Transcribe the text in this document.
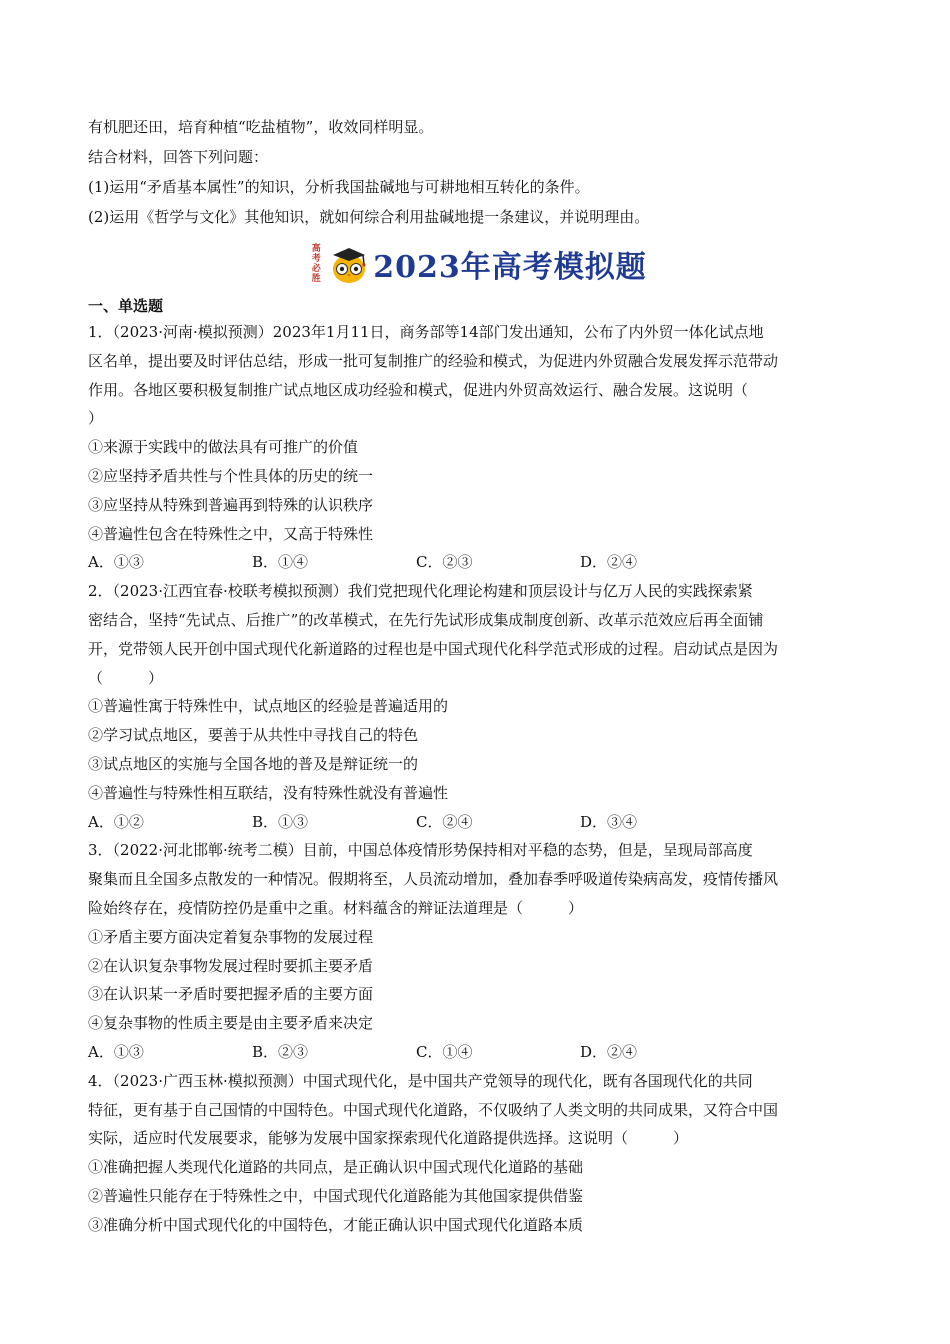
有机肥还田，培育种植“吃盐植物”，收效同样明显。
结合材料，回答下列问题：
(1)运用“矛盾基本属性”的知识，分析我国盐碱地与可耕地相互转化的条件。
(2)运用《哲学与文化》其他知识，就如何综合利用盐碱地提一条建议，并说明理由。
高考必胜 2023年高考模拟题
一、单选题
1．（2023·河南·模拟预测）2023年1月11日，商务部等14部门发出通知，公布了内外贸一体化试点地
区名单，提出要及时评估总结，形成一批可复制推广的经验和模式，为促进内外贸融合发展发挥示范带动
作用。各地区要积极复制推广试点地区成功经验和模式，促进内外贸高效运行、融合发展。这说明（
）
①来源于实践中的做法具有可推广的价值
②应坚持矛盾共性与个性具体的历史的统一
③应坚持从特殊到普遍再到特殊的认识秩序
④普遍性包含在特殊性之中，又高于特殊性
A．①③	B．①④	C．②③	D．②④
2．（2023·江西宜春·校联考模拟预测）我们党把现代化理论构建和顶层设计与亿万人民的实践探索紧
密结合，坚持“先试点、后推广”的改革模式，在先行先试形成集成制度创新、改革示范效应后再全面铺
开，党带领人民开创中国式现代化新道路的过程也是中国式现代化科学范式形成的过程。启动试点是因为
（　　　）
①普遍性寓于特殊性中，试点地区的经验是普遍适用的
②学习试点地区，要善于从共性中寻找自己的特色
③试点地区的实施与全国各地的普及是辩证统一的
④普遍性与特殊性相互联结，没有特殊性就没有普遍性
A．①②	B．①③	C．②④	D．③④
3．（2022·河北邯郸·统考二模）目前，中国总体疫情形势保持相对平稳的态势，但是，呈现局部高度
聚集而且全国多点散发的一种情况。假期将至，人员流动增加，叠加春季呼吸道传染病高发，疫情传播风
险始终存在，疫情防控仍是重中之重。材料蕴含的辩证法道理是（　　　）
①矛盾主要方面决定着复杂事物的发展过程
②在认识复杂事物发展过程时要抓主要矛盾
③在认识某一矛盾时要把握矛盾的主要方面
④复杂事物的性质主要是由主要矛盾来决定
A．①③	B．②③	C．①④	D．②④
4．（2023·广西玉林·模拟预测）中国式现代化，是中国共产党领导的现代化，既有各国现代化的共同
特征，更有基于自己国情的中国特色。中国式现代化道路，不仅吸纳了人类文明的共同成果，又符合中国
实际，适应时代发展要求，能够为发展中国家探索现代化道路提供选择。这说明（　　　）
①准确把握人类现代化道路的共同点，是正确认识中国式现代化道路的基础
②普遍性只能存在于特殊性之中，中国式现代化道路能为其他国家提供借鉴
③准确分析中国式现代化的中国特色，才能正确认识中国式现代化道路本质
